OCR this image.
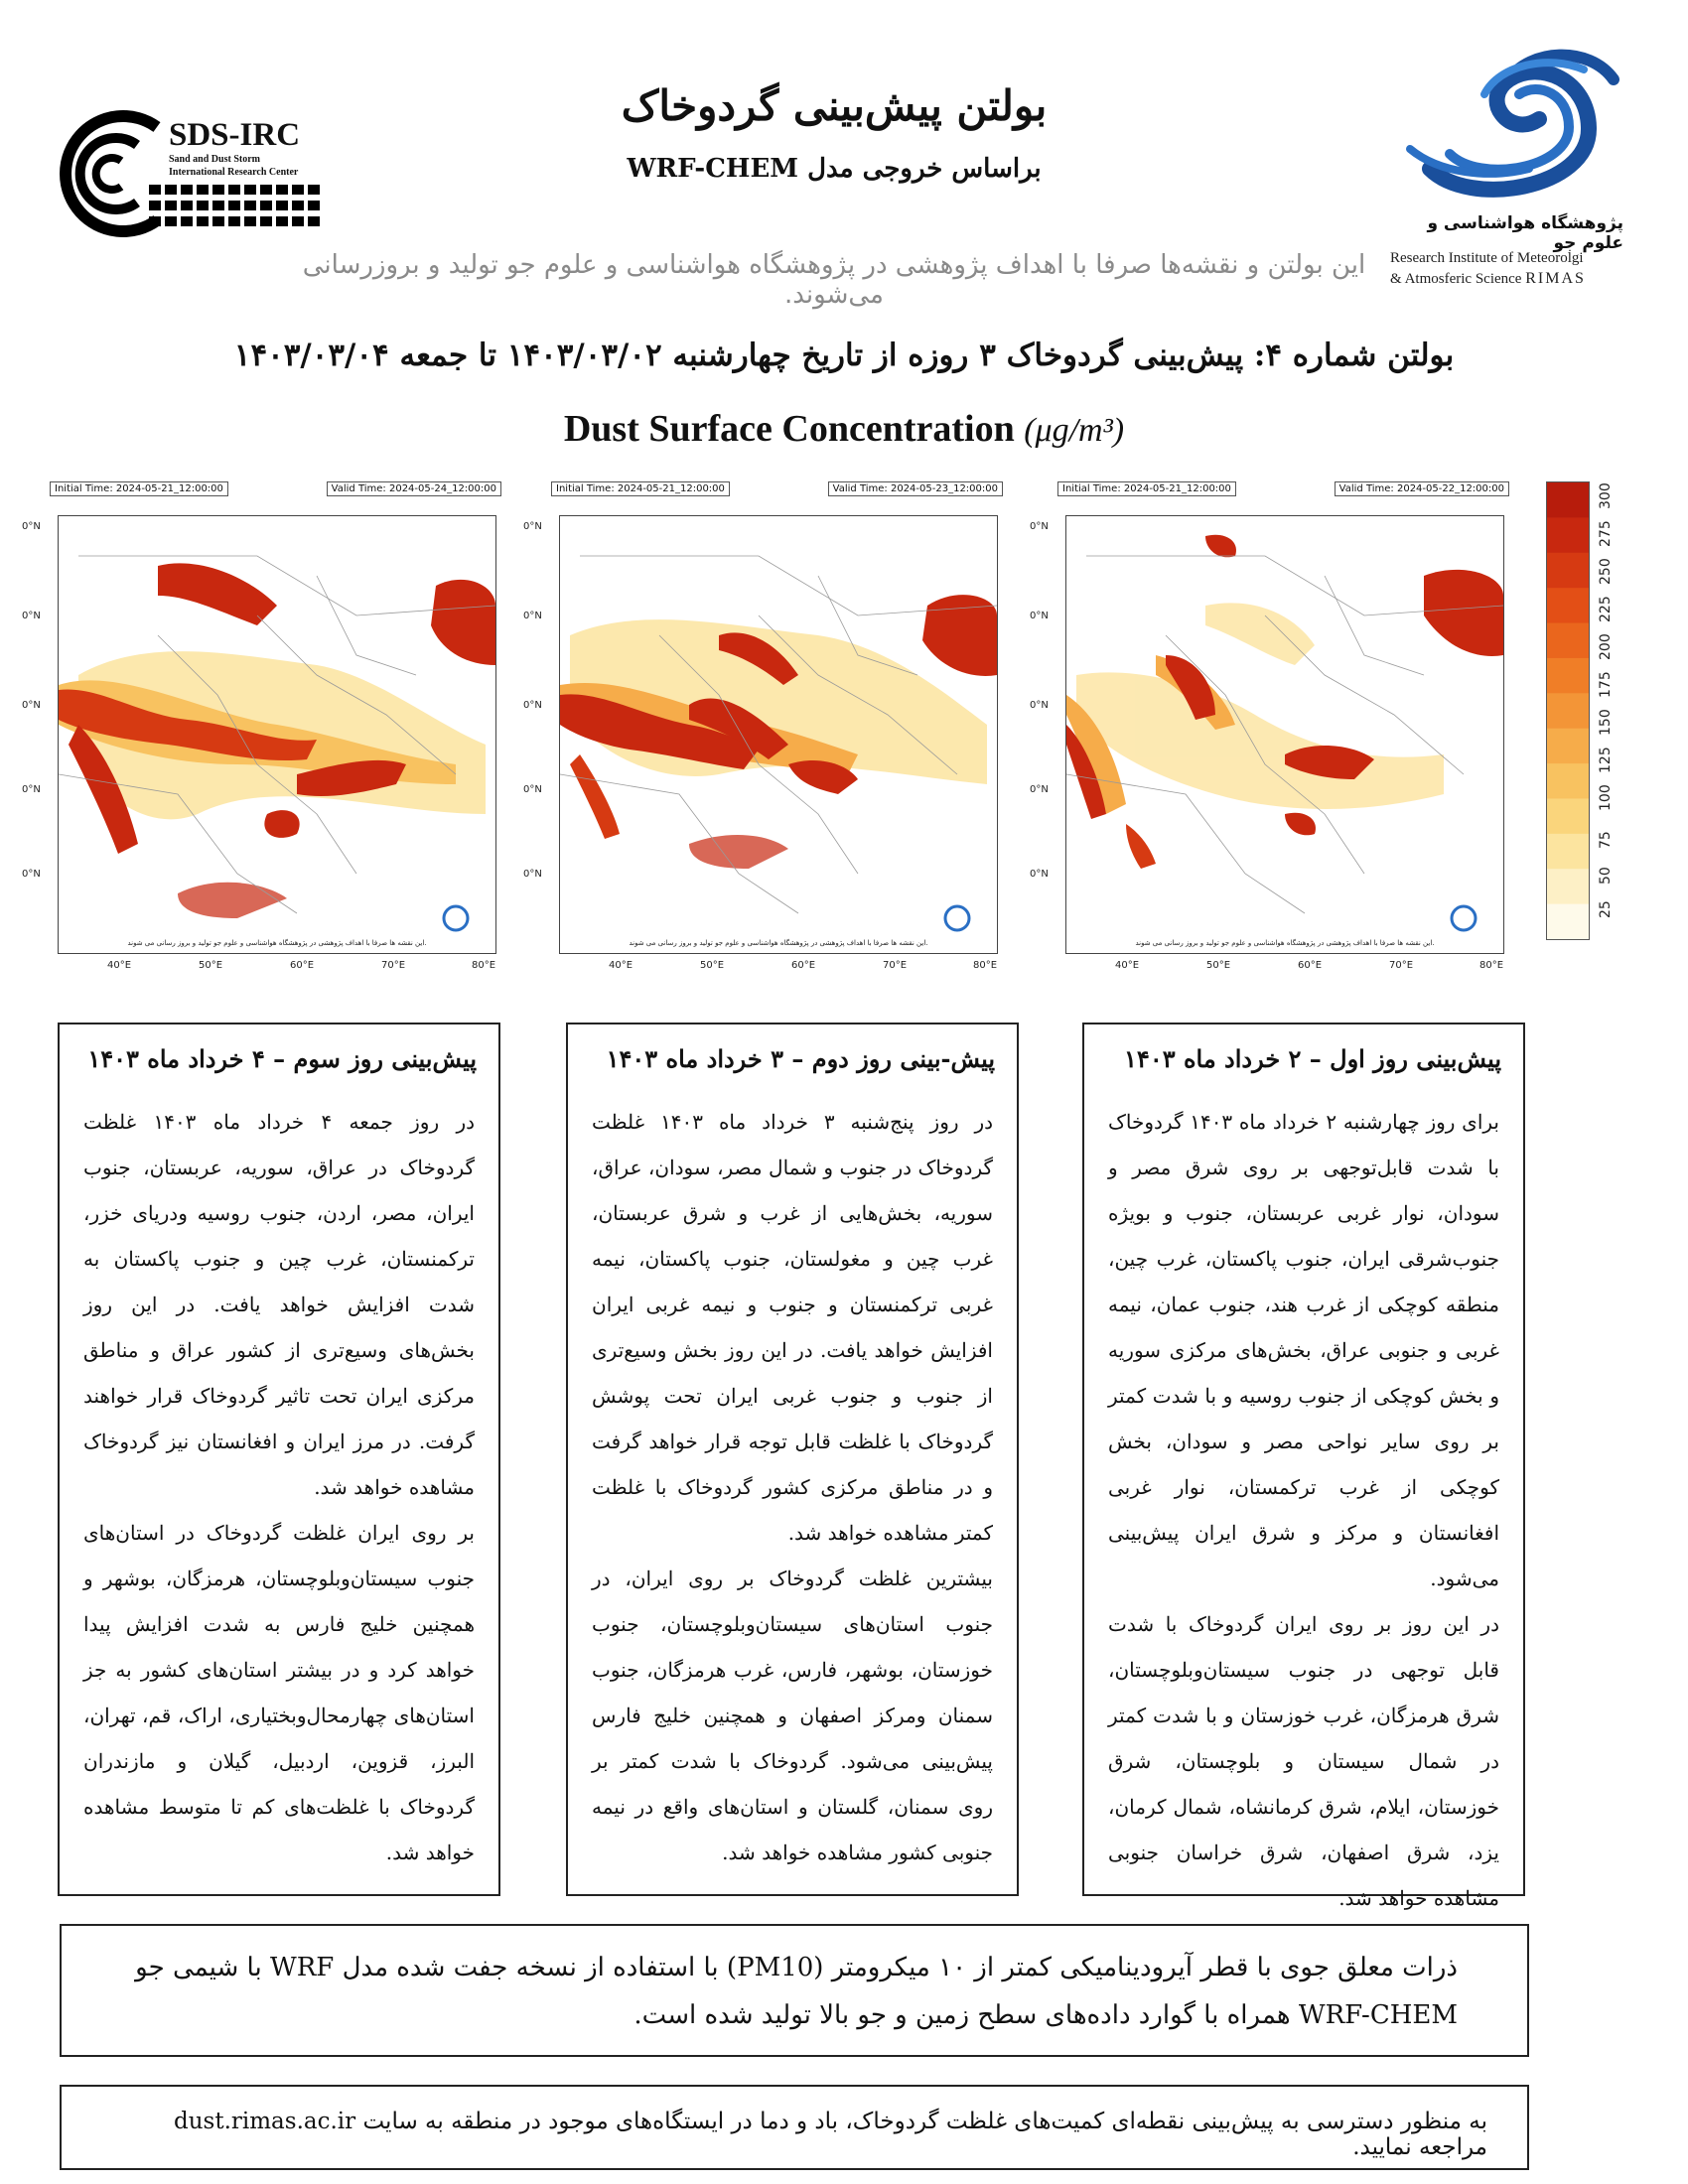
بولتن پیش‌بینی گردوخاک
براساس خروجی مدل WRF-CHEM
SDS-IRC
Sand and Dust Storm
International Research Center
پژوهشگاه هواشناسی و علوم جو
Research Institute of Meteorolgi
& Atmosferic Science RIMAS
این بولتن و نقشه‌ها صرفا با اهداف پژوهشی در پژوهشگاه هواشناسی و علوم جو تولید و بروزرسانی می‌شوند.
بولتن شماره ۴: پیش‌بینی گردوخاک ۳ روزه از تاریخ چهارشنبه ۱۴۰۳/۰۳/۰۲ تا جمعه ۱۴۰۳/۰۳/۰۴
Dust Surface Concentration (μg/m³)
Initial Time: 2024-05-21_12:00:00	Valid Time: 2024-05-24_12:00:00
این نقشه ها صرفا با اهداف پژوهشی در پژوهشگاه هواشناسی و علوم جو تولید و بروز رسانی می شوند.
0°N
0°N
0°N
0°N
0°N
40°E	50°E	60°E	70°E	80°E
Initial Time: 2024-05-21_12:00:00	Valid Time: 2024-05-23_12:00:00
این نقشه ها صرفا با اهداف پژوهشی در پژوهشگاه هواشناسی و علوم جو تولید و بروز رسانی می شوند.
0°N
0°N
0°N
0°N
0°N
40°E	50°E	60°E	70°E	80°E
Initial Time: 2024-05-21_12:00:00	Valid Time: 2024-05-22_12:00:00
این نقشه ها صرفا با اهداف پژوهشی در پژوهشگاه هواشناسی و علوم جو تولید و بروز رسانی می شوند.
0°N
0°N
0°N
0°N
0°N
40°E	50°E	60°E	70°E	80°E
300
275
250
225
200
175
150
125
100
75
50
25
پیش‌بینی روز سوم – ۴ خرداد ماه ۱۴۰۳

در روز جمعه ۴ خرداد ماه ۱۴۰۳ غلظت گردوخاک در عراق، سوریه، عربستان، جنوب ایران، مصر، اردن، جنوب روسیه ودریای خزر، ترکمنستان، غرب چین و جنوب پاکستان به شدت افزایش خواهد یافت. در این روز بخش‌های وسیع‌تری از کشور عراق و مناطق مرکزی ایران تحت تاثیر گردوخاک قرار خواهند گرفت. در مرز ایران و افغانستان نیز گردوخاک مشاهده خواهد شد.

بر روی ایران غلظت گردوخاک در استان‌های جنوب سیستان‌وبلوچستان، هرمزگان، بوشهر و همچنین خلیج فارس به شدت افزایش پیدا خواهد کرد و در بیشتر استان‌های کشور به جز استان‌های چهارمحال‌وبختیاری، اراک، قم، تهران، البرز، قزوین، اردبیل، گیلان و مازندران گردوخاک با غلظت‌های کم تا متوسط مشاهده خواهد شد.

پیش-بینی روز دوم – ۳ خرداد ماه ۱۴۰۳

در روز پنج‌شنبه ۳ خرداد ماه ۱۴۰۳ غلظت گردوخاک در جنوب و شمال مصر، سودان، عراق، سوریه، بخش‌هایی از غرب و شرق عربستان، غرب چین و مغولستان، جنوب پاکستان، نیمه غربی ترکمنستان و جنوب و نیمه غربی ایران افزایش خواهد یافت. در این روز بخش وسیع‌تری از جنوب و جنوب غربی ایران تحت پوشش گردوخاک با غلظت قابل توجه قرار خواهد گرفت و در مناطق مرکزی کشور گردوخاک با غلظت کمتر مشاهده خواهد شد.

بیشترین غلظت گردوخاک بر روی ایران، در جنوب استان‌های سیستان‌وبلوچستان، جنوب خوزستان، بوشهر، فارس، غرب هرمزگان، جنوب سمنان ومرکز اصفهان و همچنین خلیج فارس پیش‌بینی می‌شود. گردوخاک با شدت کمتر بر روی سمنان، گلستان و استان‌های واقع در نیمه جنوبی کشور مشاهده خواهد شد.

پیش‌بینی روز اول – ۲ خرداد ماه ۱۴۰۳

برای روز چهارشنبه ۲ خرداد ماه ۱۴۰۳ گردوخاک با شدت قابل‌توجهی بر روی شرق مصر و سودان، نوار غربی عربستان، جنوب و بویژه جنوب‌شرقی ایران، جنوب پاکستان، غرب چین، منطقه کوچکی از غرب هند، جنوب عمان، نیمه غربی و جنوبی عراق، بخش‌های مرکزی سوریه و بخش کوچکی از جنوب روسیه و با شدت کمتر بر روی سایر نواحی مصر و سودان، بخش کوچکی از غرب ترکمستان، نوار غربی افغانستان و مرکز و شرق ایران پیش‌بینی می‌شود.

در این روز بر روی ایران گردوخاک با شدت قابل توجهی در جنوب سیستان‌وبلوچستان، شرق هرمزگان، غرب خوزستان و با شدت کمتر در شمال سیستان و بلوچستان، شرق خوزستان، ایلام، شرق کرمانشاه، شمال کرمان، یزد، شرق اصفهان، شرق خراسان جنوبی مشاهده خواهد شد.

ذرات معلق جوی با قطر آیرودینامیکی کمتر از ۱۰ میکرومتر (PM10) با استفاده از نسخه جفت شده مدل WRF با شیمی جو WRF-CHEM همراه با گوارد داده‌های سطح زمین و جو بالا تولید شده است.
به منظور دسترسی به پیش‌بینی نقطه‌ای کمیت‌های غلظت گردوخاک، باد و دما در ایستگاه‌های موجود در منطقه به سایت dust.rimas.ac.ir مراجعه نمایید.
